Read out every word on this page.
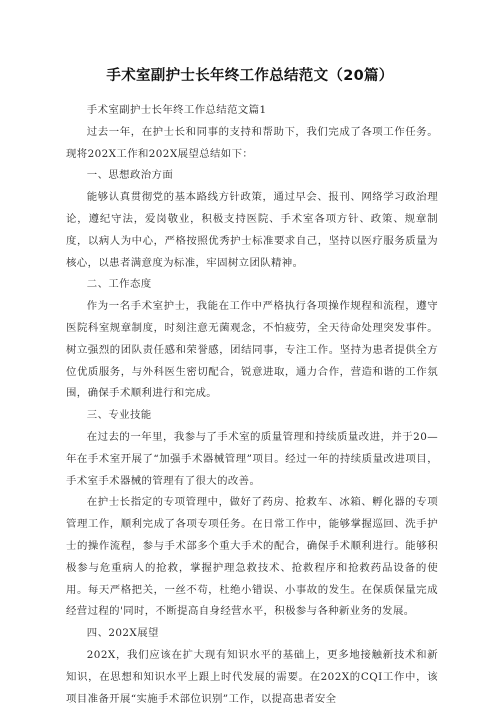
手术室副护士长年终工作总结范文（20篇）

手术室副护士长年终工作总结范文篇1

过去一年，在护士长和同事的支持和帮助下，我们完成了各项工作任务。现将202X工作和202X展望总结如下：

一、思想政治方面

能够认真贯彻党的基本路线方针政策，通过早会、报刊、网络学习政治理论，遵纪守法，爱岗敬业，积极支持医院、手术室各项方针、政策、规章制度，以病人为中心，严格按照优秀护士标准要求自己，坚持以医疗服务质量为核心，以患者满意度为标准，牢固树立团队精神。

二、工作态度

作为一名手术室护士，我能在工作中严格执行各项操作规程和流程，遵守医院科室规章制度，时刻注意无菌观念，不怕疲劳，全天待命处理突发事件。树立强烈的团队责任感和荣誉感，团结同事，专注工作。坚持为患者提供全方位优质服务，与外科医生密切配合，锐意进取，通力合作，营造和谐的工作氛围，确保手术顺利进行和完成。

三、专业技能

在过去的一年里，我参与了手术室的质量管理和持续质量改进，并于20—年在手术室开展了“加强手术器械管理”项目。经过一年的持续质量改进项目，手术室手术器械的管理有了很大的改善。

在护士长指定的专项管理中，做好了药房、抢救车、冰箱、孵化器的专项管理工作，顺利完成了各项专项任务。在日常工作中，能够掌握巡回、洗手护士的操作流程，参与手术部多个重大手术的配合，确保手术顺利进行。能够积极参与危重病人的抢救，掌握护理急救技术、抢救程序和抢救药品设备的使用。每天严格把关，一丝不苟，杜绝小错误、小事故的发生。在保质保量完成经营过程的'同时，不断提高自身经营水平，积极参与各种新业务的发展。

四、202X展望

202X，我们应该在扩大现有知识水平的基础上，更多地接触新技术和新知识，在思想和知识水平上跟上时代发展的需要。在202X的CQI工作中，该项目准备开展“实施手术部位识别”工作，以提高患者安全
